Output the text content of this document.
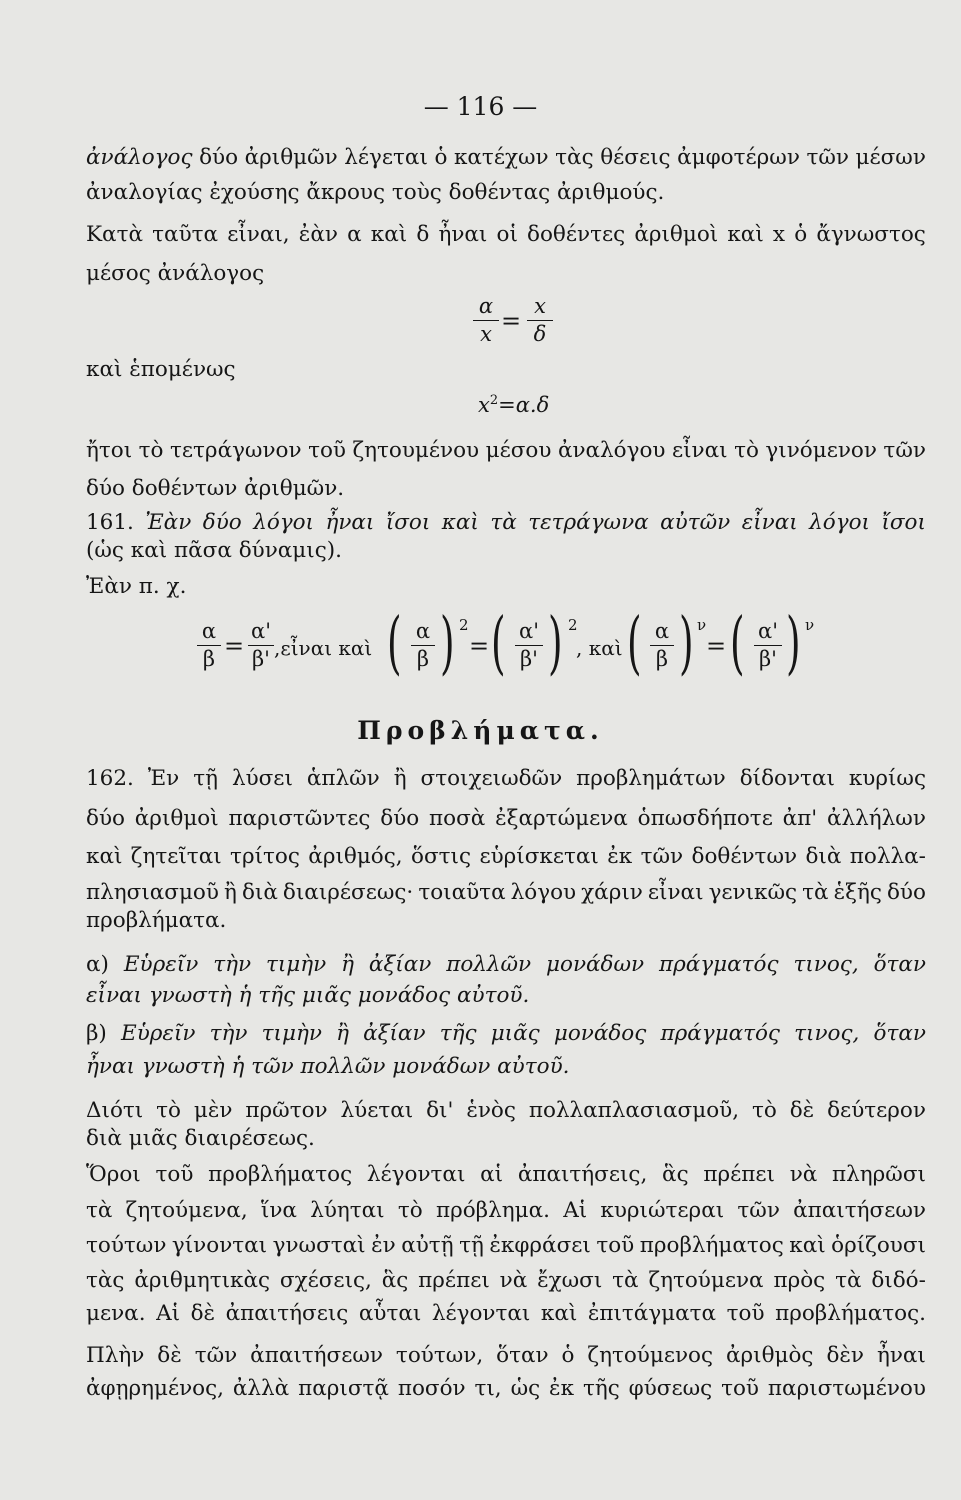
— 116 —
ἀνάλογος δύο ἀριθμῶν λέγεται ὁ κατέχων τὰς θέσεις ἀμφοτέρων τῶν μέσων
ἀναλογίας ἐχούσης ἄκρους τοὺς δοθέντας ἀριθμούς.
Κατὰ ταῦτα εἶναι, ἐὰν α καὶ δ ἦναι οἱ δοθέντες ἀριθμοὶ καὶ x ὁ ἄγνωστος
μέσος ἀνάλογος
α
x =
x
δ
καὶ ἑπομένως
$x^2=\alpha.\delta$
ἤτοι τὸ τετράγωνον τοῦ ζητουμένου μέσου ἀναλόγου εἶναι τὸ γινόμενον τῶν
δύο δοθέντων ἀριθμῶν.
161. Ἐὰν δύο λόγοι ἦναι ἴσοι καὶ τὰ τετράγωνα αὐτῶν εἶναι λόγοι ἴσοι
(ὡς καὶ πᾶσα δύναμις).
Ἐὰν π. χ.
α
β =
α'
β' ,εἶναι καὶ ( α
β ) 2
= ( α'
β' ) 2
, καὶ ( α
β ) ν
= ( α'
β' ) ν
Προβλήματα.
162. Ἐν τῇ λύσει ἁπλῶν ἢ στοιχειωδῶν προβλημάτων δίδονται κυρίως
δύο ἀριθμοὶ παριστῶντες δύο ποσὰ ἐξαρτώμενα ὁπωσδήποτε ἀπ' ἀλλήλων
καὶ ζητεῖται τρίτος ἀριθμός, ὅστις εὑρίσκεται ἐκ τῶν δοθέντων διὰ πολλα-
πλησιασμοῦ ἢ διὰ διαιρέσεως· τοιαῦτα λόγου χάριν εἶναι γενικῶς τὰ ἑξῆς δύο
προβλήματα.
α) Εὑρεῖν τὴν τιμὴν ἢ ἀξίαν πολλῶν μονάδων πράγματός τινος, ὅταν
εἶναι γνωστὴ ἡ τῆς μιᾶς μονάδος αὐτοῦ.
β) Εὑρεῖν τὴν τιμὴν ἢ ἀξίαν τῆς μιᾶς μονάδος πράγματός τινος, ὅταν
ἦναι γνωστὴ ἡ τῶν πολλῶν μονάδων αὐτοῦ.
Διότι τὸ μὲν πρῶτον λύεται δι' ἑνὸς πολλαπλασιασμοῦ, τὸ δὲ δεύτερον
διὰ μιᾶς διαιρέσεως.
Ὅροι τοῦ προβλήματος λέγονται αἱ ἀπαιτήσεις, ἃς πρέπει νὰ πληρῶσι
τὰ ζητούμενα, ἵνα λύηται τὸ πρόβλημα. Αἱ κυριώτεραι τῶν ἀπαιτήσεων
τούτων γίνονται γνωσταὶ ἐν αὐτῇ τῇ ἐκφράσει τοῦ προβλήματος καὶ ὁρίζουσι
τὰς ἀριθμητικὰς σχέσεις, ἃς πρέπει νὰ ἔχωσι τὰ ζητούμενα πρὸς τὰ διδό-
μενα. Αἱ δὲ ἀπαιτήσεις αὗται λέγονται καὶ ἐπιτάγματα τοῦ προβλήματος.
Πλὴν δὲ τῶν ἀπαιτήσεων τούτων, ὅταν ὁ ζητούμενος ἀριθμὸς δὲν ἦναι
ἀφῃρημένος, ἀλλὰ παριστᾷ ποσόν τι, ὡς ἐκ τῆς φύσεως τοῦ παριστωμένου
